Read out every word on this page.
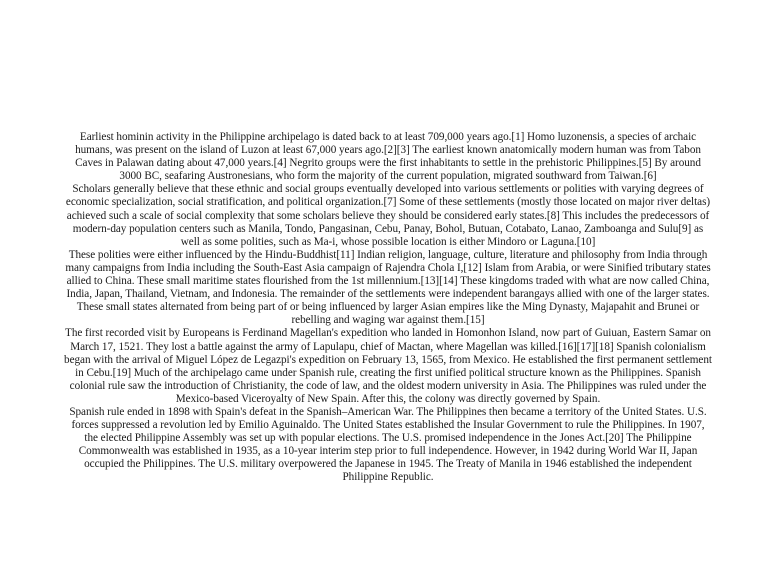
Earliest hominin activity in the Philippine archipelago is dated back to at least 709,000 years ago.[1] Homo luzonensis, a species of archaic humans, was present on the island of Luzon at least 67,000 years ago.[2][3] The earliest known anatomically modern human was from Tabon Caves in Palawan dating about 47,000 years.[4] Negrito groups were the first inhabitants to settle in the prehistoric Philippines.[5] By around 3000 BC, seafaring Austronesians, who form the majority of the current population, migrated southward from Taiwan.[6]

Scholars generally believe that these ethnic and social groups eventually developed into various settlements or polities with varying degrees of economic specialization, social stratification, and political organization.[7] Some of these settlements (mostly those located on major river deltas) achieved such a scale of social complexity that some scholars believe they should be considered early states.[8] This includes the predecessors of modern-day population centers such as Manila, Tondo, Pangasinan, Cebu, Panay, Bohol, Butuan, Cotabato, Lanao, Zamboanga and Sulu[9] as well as some polities, such as Ma-i, whose possible location is either Mindoro or Laguna.[10]

These polities were either influenced by the Hindu-Buddhist[11] Indian religion, language, culture, literature and philosophy from India through many campaigns from India including the South-East Asia campaign of Rajendra Chola I,[12] Islam from Arabia, or were Sinified tributary states allied to China. These small maritime states flourished from the 1st millennium.[13][14] These kingdoms traded with what are now called China, India, Japan, Thailand, Vietnam, and Indonesia. The remainder of the settlements were independent barangays allied with one of the larger states. These small states alternated from being part of or being influenced by larger Asian empires like the Ming Dynasty, Majapahit and Brunei or rebelling and waging war against them.[15]

The first recorded visit by Europeans is Ferdinand Magellan's expedition who landed in Homonhon Island, now part of Guiuan, Eastern Samar on March 17, 1521. They lost a battle against the army of Lapulapu, chief of Mactan, where Magellan was killed.[16][17][18] Spanish colonialism began with the arrival of Miguel López de Legazpi's expedition on February 13, 1565, from Mexico. He established the first permanent settlement in Cebu.[19] Much of the archipelago came under Spanish rule, creating the first unified political structure known as the Philippines. Spanish colonial rule saw the introduction of Christianity, the code of law, and the oldest modern university in Asia. The Philippines was ruled under the Mexico-based Viceroyalty of New Spain. After this, the colony was directly governed by Spain.

Spanish rule ended in 1898 with Spain's defeat in the Spanish–American War. The Philippines then became a territory of the United States. U.S. forces suppressed a revolution led by Emilio Aguinaldo. The United States established the Insular Government to rule the Philippines. In 1907, the elected Philippine Assembly was set up with popular elections. The U.S. promised independence in the Jones Act.[20] The Philippine Commonwealth was established in 1935, as a 10-year interim step prior to full independence. However, in 1942 during World War II, Japan occupied the Philippines. The U.S. military overpowered the Japanese in 1945. The Treaty of Manila in 1946 established the independent Philippine Republic.
